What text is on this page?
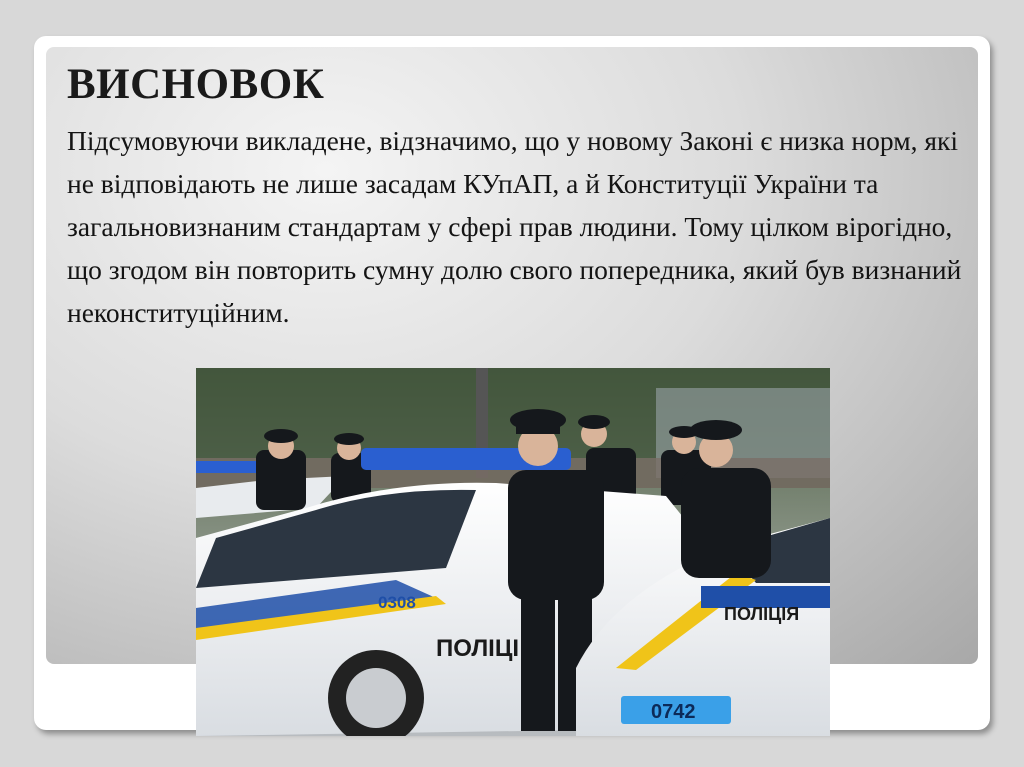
ВИСНОВОК

Підсумовуючи викладене, відзначимо, що у новому Законі є низка норм, які не відповідають не лише засадам КУпАП, а й Конституції України та загальновизнаним стандартам у сфері прав людини. Тому цілком вірогідно, що згодом він повторить сумну долю свого попередника, який був визнаний неконституційним.

0308
ПОЛІЦІ
ПОЛІЦІЯ
0742
